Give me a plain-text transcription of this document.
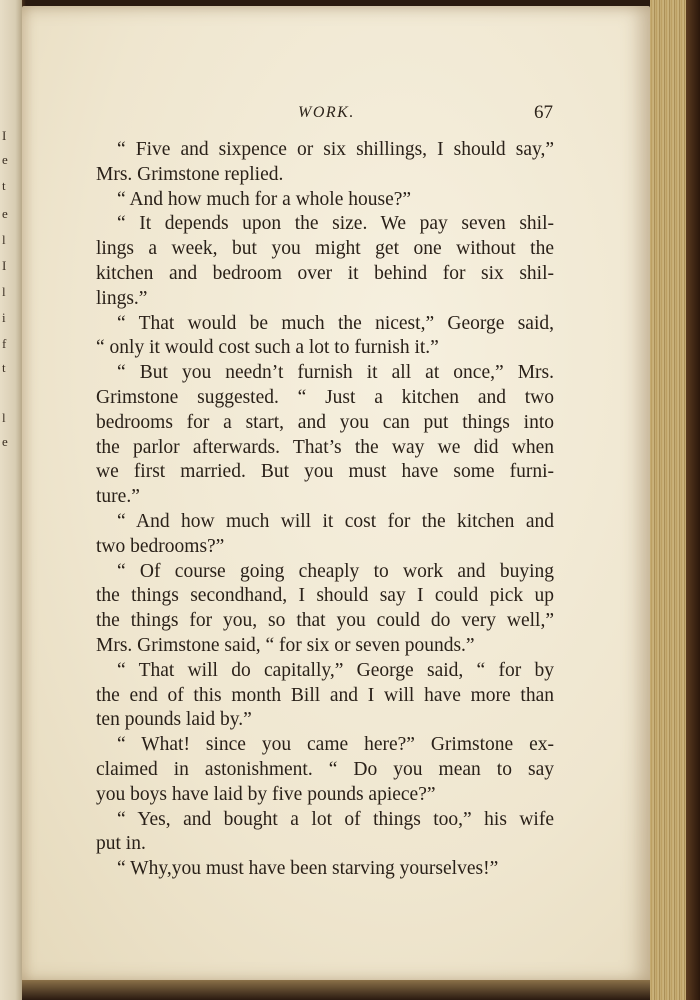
I
e
t
e
l
I
l
i
f
t
l
e
WORK.	67
“ Five and sixpence or six shillings, I should say,”
Mrs. Grimstone replied.
“ And how much for a whole house?”
“ It depends upon the size. We pay seven shil-
lings a week, but you might get one without the
kitchen and bedroom over it behind for six shil-
lings.”
“ That would be much the nicest,” George said,
“ only it would cost such a lot to furnish it.”
“ But you needn’t furnish it all at once,” Mrs.
Grimstone suggested. “ Just a kitchen and two
bedrooms for a start, and you can put things into
the parlor afterwards. That’s the way we did when
we first married. But you must have some furni-
ture.”
“ And how much will it cost for the kitchen and
two bedrooms?”
“ Of course going cheaply to work and buying
the things secondhand, I should say I could pick up
the things for you, so that you could do very well,”
Mrs. Grimstone said, “ for six or seven pounds.”
“ That will do capitally,” George said, “ for by
the end of this month Bill and I will have more than
ten pounds laid by.”
“ What! since you came here?” Grimstone ex-
claimed in astonishment. “ Do you mean to say
you boys have laid by five pounds apiece?”
“ Yes, and bought a lot of things too,” his wife
put in.
“ Why,you must have been starving yourselves!”
